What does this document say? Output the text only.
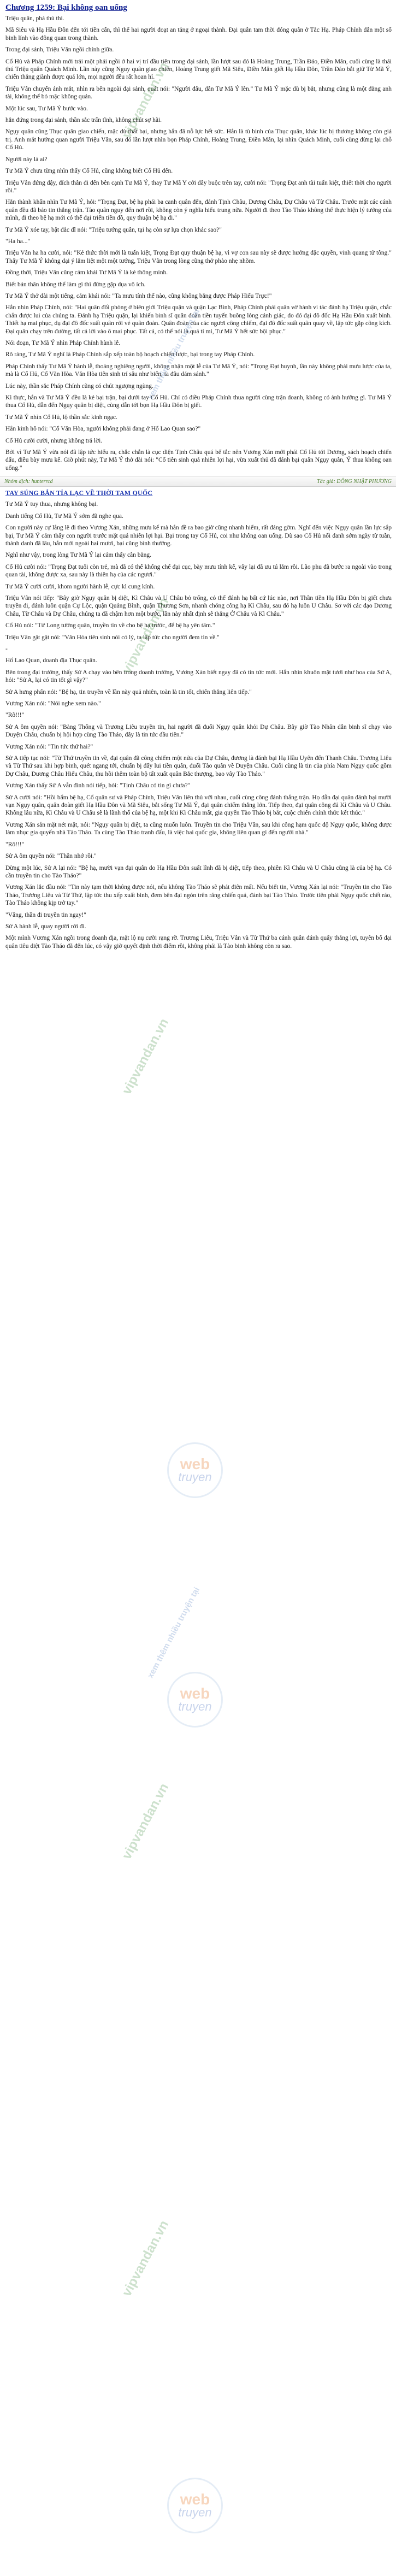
Chương 1259: Bại không oan uổng

Triệu quân, phá thủ thì.

Mã Siêu và Hạ Hầu Đôn đến tới tiền cẩn, thì thế hai người đoạt an tảng ở ngoại thành. Đại quân tam thời đóng quân ở Tắc Hạ. Pháp Chính dẫn một số binh lính vào đông quan trong thành.

Trong đại sảnh, Triệu Vân ngồi chính giữa.

Cổ Hủ và Pháp Chính mới trải một phải ngồi ở hai vị trí đầu tiên trong đại sảnh, lần lượt sau đó là Hoàng Trung, Trần Đáo, Điền Mân, cuối cùng là thái thú Triệu quân Quách Minh. Lần này cũng Nguy quân giao chiến, Hoàng Trung giết Mã Siêu, Điền Mân giết Hạ Hầu Đôn, Trần Đáo bắt giữ Từ Mã Ý, chiến thắng giành được quá lớn, mọi người đều rất hoan hỉ.

Triệu Vân chuyển ánh mắt, nhìn ra bên ngoài đại sảnh, quát nói: "Người đâu, dẫn Tư Mã Ý lên." Tư Mã Ý mặc dù bị bắt, nhưng cũng là một đằng anh tài, không thể bỏ mặc không quản.

Một lúc sau, Tư Mã Ý bước vào.

hắn đứng trong đại sảnh, thần sắc trấn tĩnh, không chút sợ hãi.

Ngụy quân cũng Thục quân giao chiến, mặc dù thất bại, nhưng hắn đã nỗ lực hết sức. Hắn là tù binh của Thục quân, khác lúc bị thương không còn giá trị. Anh mắt hướng quan người Triệu Vân, sau đó lần lượt nhìn bọn Pháp Chính, Hoàng Trung, Điền Mân, lại nhìn Quách Minh, cuối cùng dừng lại chỗ Cổ Hủ.

Người này là ai?

Tư Mã Ý chưa từng nhìn thấy Cổ Hủ, cũng không biết Cổ Hủ đến.

Triệu Vân đứng dậy, đích thân đi đến bên cạnh Tư Mã Ý, thay Tư Mã Y cởi dây buộc trên tay, cười nói: "Trọng Đạt anh tài tuấn kiệt, thiết thời cho người rồi."

Hắn thành khẩn nhìn Tư Mã Ý, hỏi: "Trọng Đạt, bệ hạ phái ba canh quân đến, đánh Tịnh Châu, Dương Châu, Dự Châu và Từ Châu. Trước mặt các cánh quân đều đã báo tin thắng trận. Tào quân nguy đến nơi rồi, không còn ý nghĩa hiểu trung nữa. Người đi theo Tào Tháo không thể thực hiện lý tưởng của mình, đi theo bệ hạ mới có thể đại triển tiền đồ, quy thuận bệ hạ đi."

Tư Mã Ý xóe tay, bật đắc dĩ nói: "Triệu tướng quân, tại hạ còn sự lựa chọn khác sao?"

"Ha ha..."

Triệu Vân ha ha cười, nói: "Kẻ thức thời mới là tuấn kiệt, Trọng Đạt quy thuận bệ hạ, vì vợ con sau này sẽ được hưởng đặc quyền, vinh quang tử tông." Thấy Tư Mã Ý không dại ý lắm liệt một một tướng, Triệu Vân trong lòng cũng thở phào nhẹ nhõm.

Đồng thời, Triệu Vân cũng cảm khái Tư Mã Ý là kẻ thông minh.

Biết bản thân không thể làm gì thì đừng gặp dụa vô ích.

Tư Mã Ý thở dài một tiếng, cảm khái nói: "Ta mưu tính thế nào, cũng không bằng được Pháp Hiếu Trực!"

Hắn nhìn Pháp Chính, nói: "Hai quân đối phòng ở biên giới Triệu quận và quận Lạc Bình, Pháp Chính phái quân vờ hành vi tác đánh hạ Triệu quận, chắc chắn được lui của chúng ta. Đánh hạ Triệu quận, lại khiến binh sĩ quân đoàn tiền tuyến buông lỏng cảnh giác, do đó đại đô đốc Hạ Hầu Đôn xuất binh. Thiết hạ mai phục, dụ đại đô đốc suất quân rời vé quân đoàn. Quân đoàn của các ngươi công chiếm, đại đô đốc suất quân quay về, lập tức gặp công kích. Đại quân chạy trên đường, tất cả lời vào ô mai phục. Tất cả, có thể nói là quá tỉ mỉ, Tư Mã Ý hết sức bội phục."

Nói đoạn, Tư Mã Ý nhìn Pháp Chính hành lễ.

Rõ ràng, Tư Mã Ý nghĩ là Pháp Chính sắp xếp toàn bộ hoạch chiến lược, bại trong tay Pháp Chính.

Pháp Chính thấy Tư Mã Ý hành lễ, thoáng nghiêng người, không nhận một lễ của Tư Mã Ý, nói: "Trọng Đạt huynh, lần này không phải mưu lược của ta, mà là Cổ Hủ, Cổ Văn Hòa. Văn Hòa tiên sinh trí sâu như biển, ta đâu dám sánh."

Lúc này, thần sắc Pháp Chính cũng có chút ngượng ngùng.

Kì thực, hắn và Tư Mã Ý đều là kẻ bại trận, bại dưới tay Cổ Hủ. Chỉ có điều Pháp Chính thua người cùng trận doanh, không có ảnh hưởng gì. Tư Mã Ý thua Cổ Hủ, dẫn đến Ngụy quân bị diệt, cùng dẫn tới bọn Hạ Hầu Đôn bị giết.

Tư Mã Ý nhìn Cổ Hủ, lộ thần sắc kinh ngạc.

Hắn kinh hô nói: "Cổ Văn Hòa, người không phải đang ở Hổ Lao Quan sao?"

Cổ Hủ cười cười, nhưng không trả lời.

Bởi vì Tư Mã Ý vừa nói đã lập tức hiểu ra, chắc chắn là cục diện Tịnh Châu quá bế tắc nên Vương Xán mới phái Cổ Hủ tới Dương, sách hoạch chiến dấu, điều bày mưu kế. Giờ phút này, Tư Mã Ý thở dài nói: "Cổ tiên sinh quả nhiên lợi hại, vừa xuất thủ đã đánh bại quân Ngụy quân, Ý thua không oan uổng."

Nhóm dịch: hunterrcd	Tác giả: ĐÔNG NHẬT PHƯƠNG
TAY SÚNG BẮN TỈA LẠC VỀ THỜI TAM QUỐC

Tư Mã Ý tuy thua, nhưng không bại.

Danh tiếng Cổ Hủ, Tư Mã Ý sớm đã nghe qua.

Con người này cự lắng lẽ đi theo Vương Xán, những mưu kế mà hắn đề ra bao giờ cũng nhanh hiểm, rất đáng gờm. Nghĩ đến việc Ngụy quân lần lực sắp bại, Tư Mã Ý cảm thấy con người trước mặt quả nhiên lợi hại. Bại trong tay Cổ Hủ, coi như không oan uổng. Dù sao Cổ Hủ nổi danh sớm ngày từ tuần, thành danh đã lâu, hắn mới ngoài hai mươi, bại cũng bình thường.

Nghĩ như vậy, trong lòng Tư Mã Ý lại cảm thấy cân bằng.

Cổ Hủ cười nói: "Trọng Đạt tuổi còn trẻ, mà đã có thể khống chế đại cục, bày mưu tính kế, vây lại đã ưu tú lắm rồi. Lão phu đã bước ra ngoài vào trong quan tài, không được xa, sau này là thiên hạ của các ngươi."

Tư Mã Ý cười cười, khom người hành lễ, cực kì cung kính.

Triệu Vân nói tiếp: "Bây giờ Ngụy quân bị diệt, Kì Châu và U Châu bỏ trống, có thể đánh hạ bất cứ lúc nào, nơi Thần tiền Hạ Hầu Đôn bị giết chưa truyền đi, đánh luôn quận Cự Lộc, quận Quảng Bình, quận Thương Sơn, nhanh chóng công hạ Kì Châu, sau đó hạ luôn U Châu. Sơ với các đạo Dương Châu, Từ Châu và Dự Châu, chúng ta đã chậm hơn một bước, lần này nhất định sẽ thắng Ở Châu và Kì Châu."

Cổ Hủ nói: "Tử Long tướng quân, truyền tin về cho bệ hạ trước, để bệ hạ yên tâm."

Triệu Vân gật gật nói: "Văn Hòa tiên sinh nói có lý, ta lập tức cho người đem tin về."

-

Hổ Lao Quan, doanh địa Thục quân.

Bên trong đại trướng, thấy Sử A chạy vào bên trong doanh trướng, Vương Xán biết ngay đã có tin tức mới. Hắn nhìn khuôn mặt tươi như hoa của Sử A, hỏi: "Sử A, lại có tin tốt gì vậy?"

Sử A hưng phấn nói: "Bệ hạ, tin truyền về lần này quả nhiên, toàn là tin tốt, chiến thắng liên tiếp."

Vương Xán nói: "Nói nghe xem nào."

"Rõ!!!"

Sử A ôm quyền nói: "Bàng Thống và Trương Liêu truyền tin, hai người đã đuổi Ngụy quân khỏi Dự Châu. Bây giờ Tào Nhân dẫn binh sĩ chạy vào Duyện Châu, chuẩn bị hội hợp cùng Tào Tháo, đây là tin tức đầu tiên."

Vương Xán nói: "Tin tức thứ hai?"

Sử A tiếp tục nói: "Từ Thứ truyền tin về, đại quân đã công chiếm một nửa của Dự Châu, đương là đánh bại Hạ Hầu Uyên đến Thanh Châu. Trương Liêu và Từ Thứ sau khi hợp binh, quét ngang tới, chuẩn bị đẩy lui tiền quân, đuổi Tào quân về Duyện Châu. Cuối cùng là tin của phía Nam Ngụy quốc gồm Dự Châu, Dương Châu Hiếu Châu, thu hồi thêm toàn bộ tất xuất quân Bắc thượng, bao vây Tào Tháo."

Vương Xán thấy Sử A vẫn đinh nói tiếp, hỏi: "Tịnh Châu có tin gì chưa?"

Sử A cười nói: "Hồi bẩm bệ hạ, Cổ quân sư và Pháp Chính, Triệu Vân liên thủ với nhau, cuối cùng công đánh thắng trận. Họ dẫn đại quân đánh bại mười vạn Ngụy quân, quân đoàn giết Hạ Hầu Đôn và Mã Siêu, bắt sống Tư Mã Ý, đại quân chiếm thắng lớn. Tiếp theo, đại quân công đả Kì Châu và U Châu. Không lâu nữa, Kì Châu và U Châu sẽ là lãnh thổ của bệ hạ, một khi Kì Châu mất, gia quyến Tào Tháo bị bắt, cuộc chiến chính thức kết thúc."

Vương Xán sắn mặt nét mặt, nói: "Ngụy quân bị diệt, ta cũng muốn luôn. Truyền tin cho Triệu Vân, sau khi công hạm quốc độ Ngụy quốc, không được làm nhục gia quyến nhà Tào Tháo. Ta cùng Tào Tháo tranh đấu, là việc hai quốc gia, không liên quan gì đến người nhà."

"Rõ!!!"

Sử A ôm quyền nói: "Thần nhớ rồi."

Dừng một lúc, Sử A lại nói: "Bệ hạ, mười vạn đại quân do Hạ Hầu Đôn suất lĩnh đã bị diệt, tiếp theo, phiền Kì Châu và U Châu cũng là của bệ hạ. Có cần truyền tin cho Tào Tháo?"

Vương Xán lắc đầu nói: "Tin này tạm thời không được nói, nếu không Tào Tháo sẽ phát điên mất. Nếu biết tin, Vương Xán lại nói: "Truyền tin cho Tào Tháo, Trương Liêu và Từ Thứ, lập tức thu xếp xuất binh, đem bên đại ngón trên răng chiến quả, đánh bại Tào Tháo. Trước tiên phái Ngụy quốc chết ráo, Tào Tháo không kịp trở tay."

"Vâng, thần đi truyền tin ngay!"

Sử A hành lễ, quay người rời đi.

Một mình Vương Xán ngồi trong doanh địa, mặt lộ nụ cười rạng rỡ. Trương Liêu, Triệu Vân và Từ Thứ ba cánh quân đánh quấy thắng lợi, tuyên bố đại quân tiêu diệt Tào Tháo đã đến lúc, có vậy giờ quyết định thời điểm rồi, không phải là Tào binh không còn ra sao.

vipvandan.vn
xem thêm nhiều truyện tại
vipvandan.vn
vipvandan.vn
xem thêm nhiều truyện tại
vipvandan.vn
vipvandan.vn
web
truyen
web
truyen
web
truyen
